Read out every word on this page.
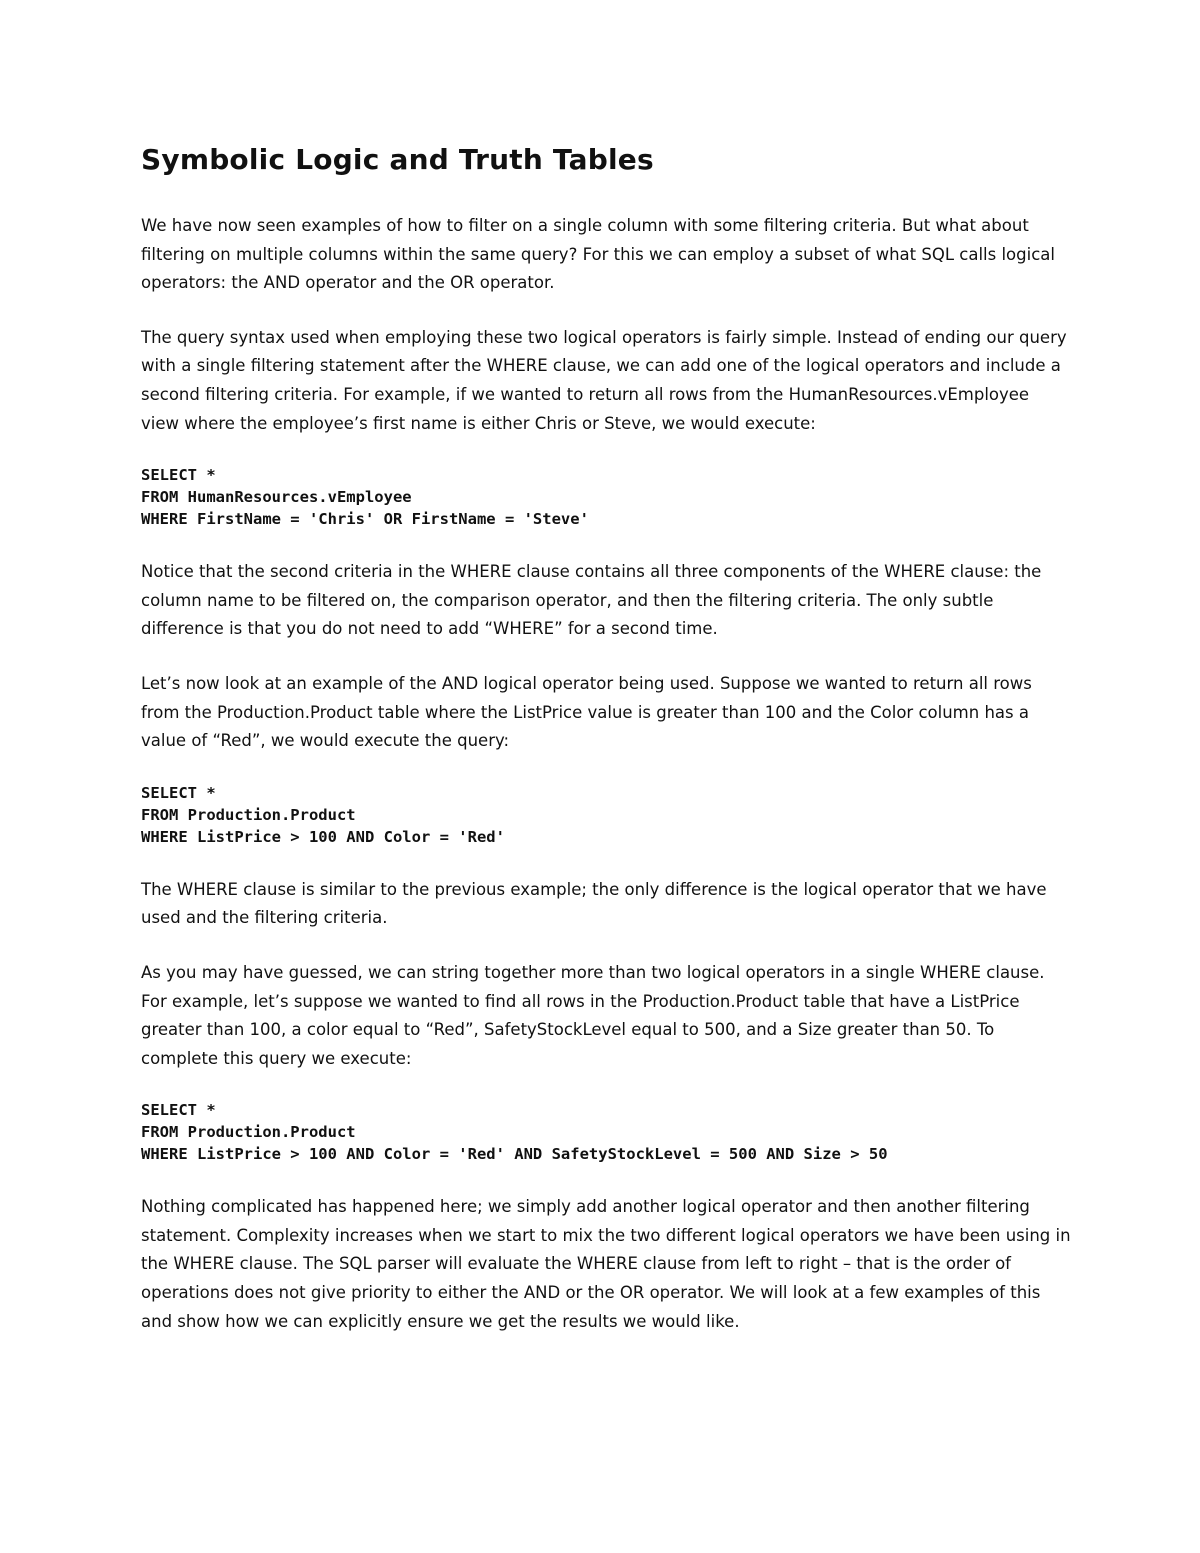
Symbolic Logic and Truth Tables

We have now seen examples of how to filter on a single column with some filtering criteria. But what about filtering on multiple columns within the same query? For this we can employ a subset of what SQL calls logical operators: the AND operator and the OR operator.

The query syntax used when employing these two logical operators is fairly simple. Instead of ending our query with a single filtering statement after the WHERE clause, we can add one of the logical operators and include a second filtering criteria. For example, if we wanted to return all rows from the HumanResources.vEmployee view where the employee’s first name is either Chris or Steve, we would execute:

SELECT *
FROM HumanResources.vEmployee
WHERE FirstName = 'Chris' OR FirstName = 'Steve'

Notice that the second criteria in the WHERE clause contains all three components of the WHERE clause: the column name to be filtered on, the comparison operator, and then the filtering criteria. The only subtle difference is that you do not need to add “WHERE” for a second time.

Let’s now look at an example of the AND logical operator being used. Suppose we wanted to return all rows from the Production.Product table where the ListPrice value is greater than 100 and the Color column has a value of “Red”, we would execute the query:

SELECT *
FROM Production.Product
WHERE ListPrice > 100 AND Color = 'Red'

The WHERE clause is similar to the previous example; the only difference is the logical operator that we have used and the filtering criteria.

As you may have guessed, we can string together more than two logical operators in a single WHERE clause. For example, let’s suppose we wanted to find all rows in the Production.Product table that have a ListPrice greater than 100, a color equal to “Red”, SafetyStockLevel equal to 500, and a Size greater than 50. To complete this query we execute:

SELECT *
FROM Production.Product
WHERE ListPrice > 100 AND Color = 'Red' AND SafetyStockLevel = 500 AND Size > 50

Nothing complicated has happened here; we simply add another logical operator and then another filtering statement. Complexity increases when we start to mix the two different logical operators we have been using in the WHERE clause. The SQL parser will evaluate the WHERE clause from left to right – that is the order of operations does not give priority to either the AND or the OR operator. We will look at a few examples of this and show how we can explicitly ensure we get the results we would like.
